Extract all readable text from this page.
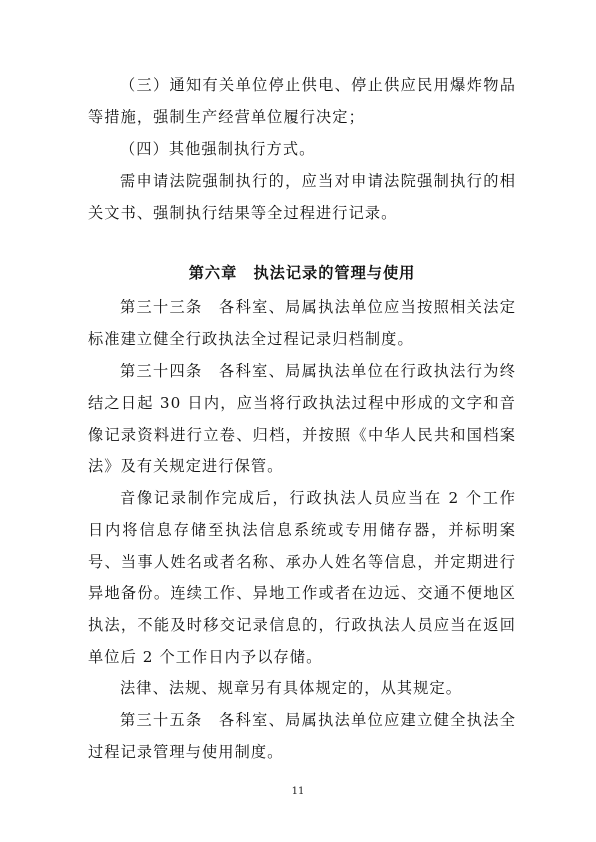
（三）通知有关单位停止供电、停止供应民用爆炸物品等措施，强制生产经营单位履行决定；

（四）其他强制执行方式。

需申请法院强制执行的，应当对申请法院强制执行的相关文书、强制执行结果等全过程进行记录。

第六章　执法记录的管理与使用

第三十三条　各科室、局属执法单位应当按照相关法定标准建立健全行政执法全过程记录归档制度。

第三十四条　各科室、局属执法单位在行政执法行为终结之日起 30 日内，应当将行政执法过程中形成的文字和音像记录资料进行立卷、归档，并按照《中华人民共和国档案法》及有关规定进行保管。

音像记录制作完成后，行政执法人员应当在 2 个工作日内将信息存储至执法信息系统或专用储存器，并标明案号、当事人姓名或者名称、承办人姓名等信息，并定期进行异地备份。连续工作、异地工作或者在边远、交通不便地区执法，不能及时移交记录信息的，行政执法人员应当在返回单位后 2 个工作日内予以存储。

法律、法规、规章另有具体规定的，从其规定。

第三十五条　各科室、局属执法单位应建立健全执法全过程记录管理与使用制度。

11
